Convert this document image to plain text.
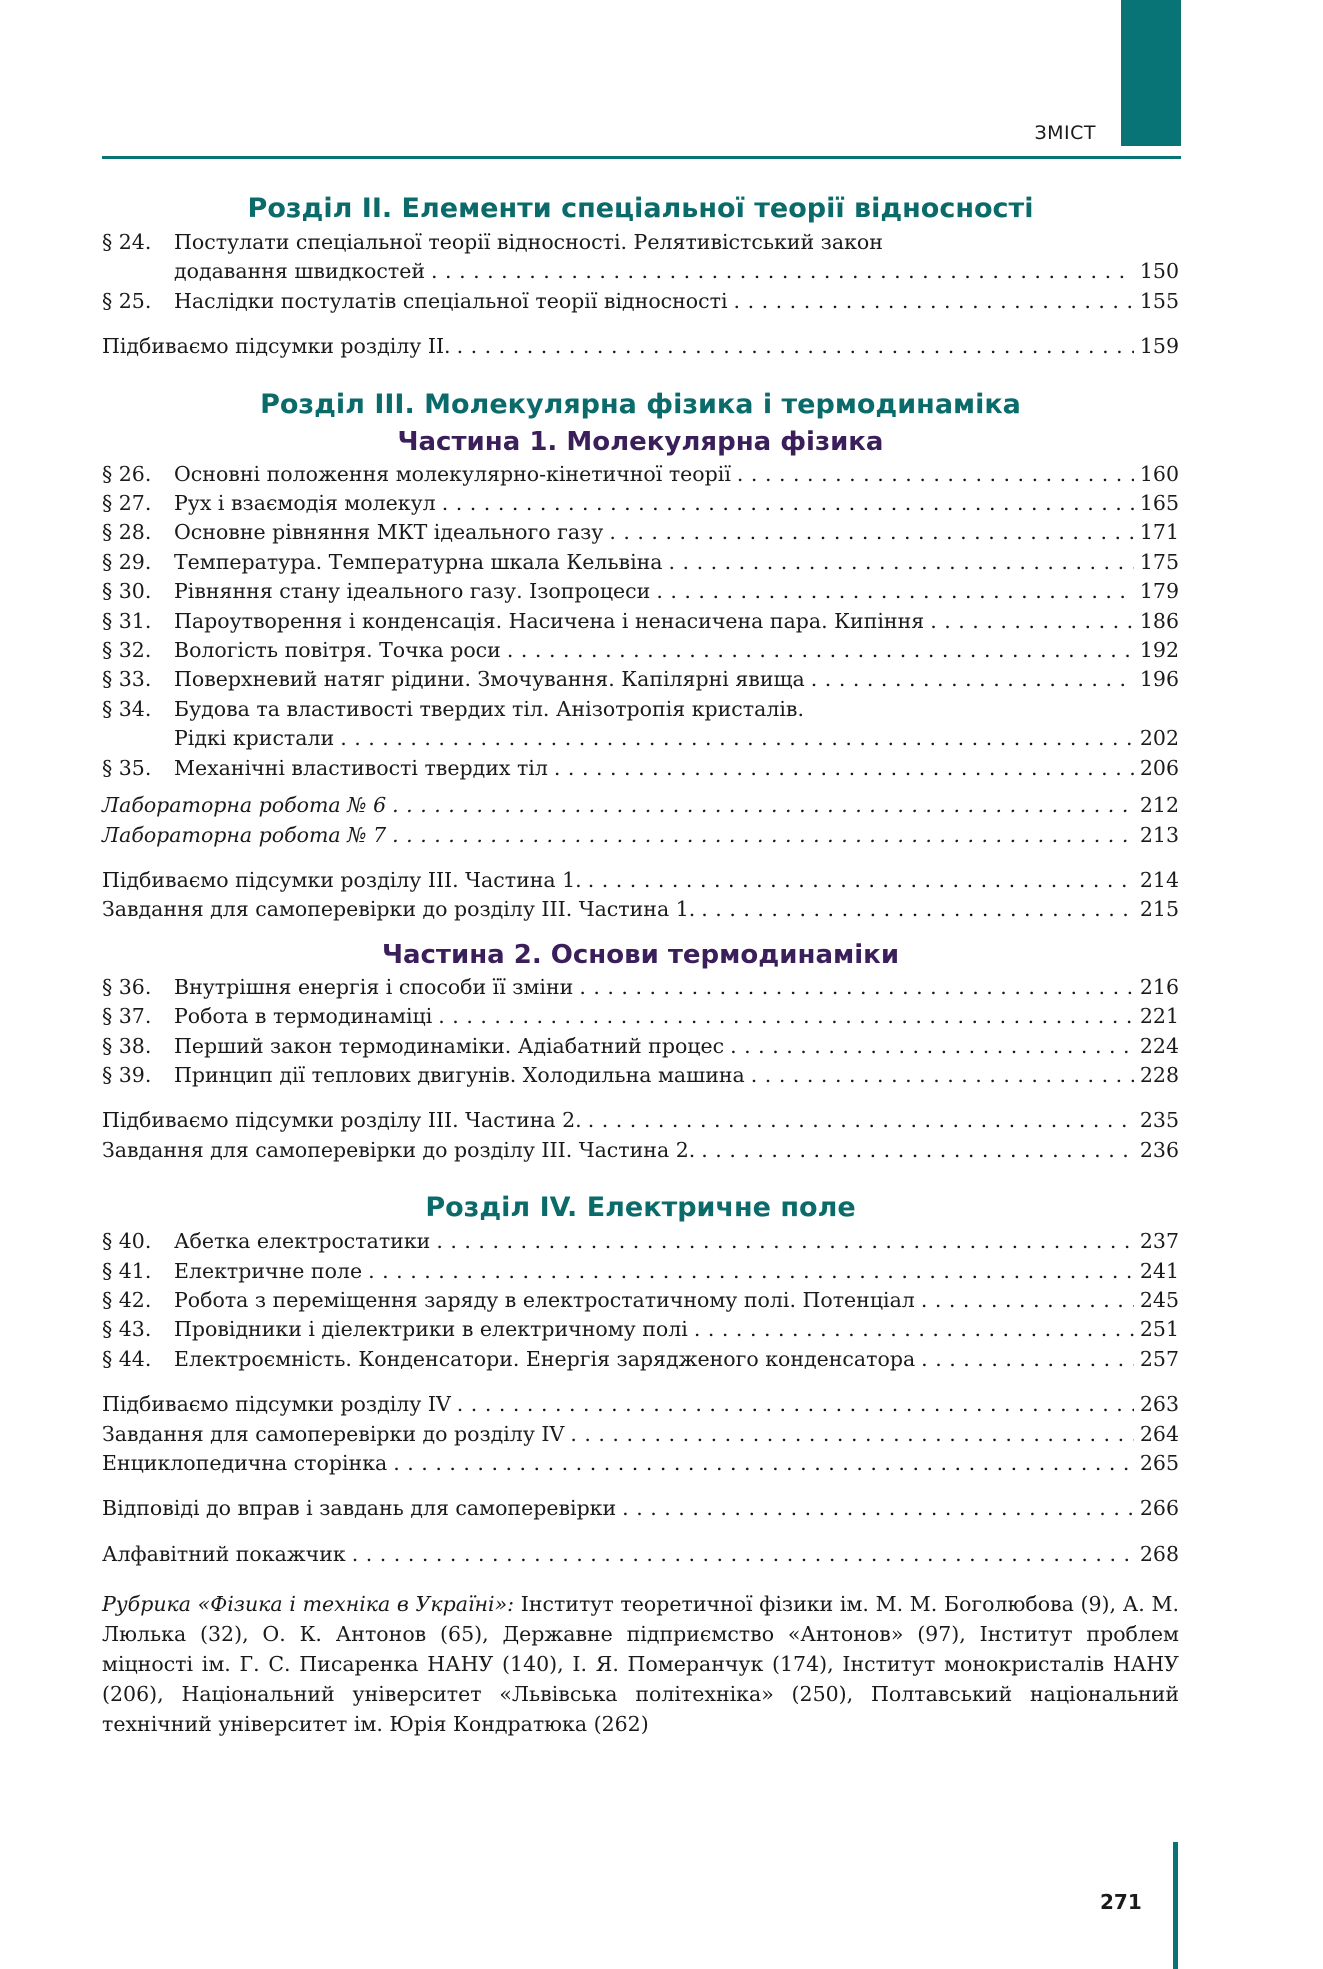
ЗМІСТ
Розділ ІІ. Елементи спеціальної теорії відносності
§ 24.	Постулати спеціальної теорії відносності. Релятивістський закон
додавання швидкостей . . .	150
§ 25.	Наслідки постулатів спеціальної теорії відносності . . .	155
Підбиваємо підсумки розділу ІІ. . . .	159
Розділ ІІІ. Молекулярна фізика і термодинаміка
Частина 1. Молекулярна фізика
§ 26.	Основні положення молекулярно-кінетичної теорії . . .	160
§ 27.	Рух і взаємодія молекул . . .	165
§ 28.	Основне рівняння МКТ ідеального газу . . .	171
§ 29.	Температура. Температурна шкала Кельвіна . . .	175
§ 30.	Рівняння стану ідеального газу. Ізопроцеси . . .	179
§ 31.	Пароутворення і конденсація. Насичена і ненасичена пара. Кипіння . . .	186
§ 32.	Вологість повітря. Точка роси . . .	192
§ 33.	Поверхневий натяг рідини. Змочування. Капілярні явища . . .	196
§ 34.	Будова та властивості твердих тіл. Анізотропія кристалів.
Рідкі кристали . . .	202
§ 35.	Механічні властивості твердих тіл . . .	206
Лабораторна робота № 6 . . .	212
Лабораторна робота № 7 . . .	213
Підбиваємо підсумки розділу ІІІ. Частина 1. . . .	214
Завдання для самоперевірки до розділу ІІІ. Частина 1. . . .	215
Частина 2. Основи термодинаміки
§ 36.	Внутрішня енергія і способи її зміни . . .	216
§ 37.	Робота в термодинаміці . . .	221
§ 38.	Перший закон термодинаміки. Адіабатний процес . . .	224
§ 39.	Принцип дії теплових двигунів. Холодильна машина . . .	228
Підбиваємо підсумки розділу ІІІ. Частина 2. . . .	235
Завдання для самоперевірки до розділу ІІІ. Частина 2. . . .	236
Розділ IV. Електричне поле
§ 40.	Абетка електростатики . . .	237
§ 41.	Електричне поле . . .	241
§ 42.	Робота з переміщення заряду в електростатичному полі. Потенціал . . .	245
§ 43.	Провідники і діелектрики в електричному полі . . .	251
§ 44.	Електроємність. Конденсатори. Енергія зарядженого конденсатора . . .	257
Підбиваємо підсумки розділу IV . . .	263
Завдання для самоперевірки до розділу IV . . .	264
Енциклопедична сторінка . . .	265
Відповіді до вправ і завдань для самоперевірки . . .	266
Алфавітний покажчик . . .	268

Рубрика «Фізика і техніка в Україні»: Інститут теоретичної фізики ім. М. М. Боголюбова (9), А. М. Люлька (32), О. К. Антонов (65), Державне підприємство «Антонов» (97), Інститут проблем міцності ім. Г. С. Писаренка НАНУ (140), І. Я. Померанчук (174), Інститут монокристалів НАНУ (206), Національний університет «Львівська політехніка» (250), Полтавський національний технічний університет ім. Юрія Кондратюка (262)

271
